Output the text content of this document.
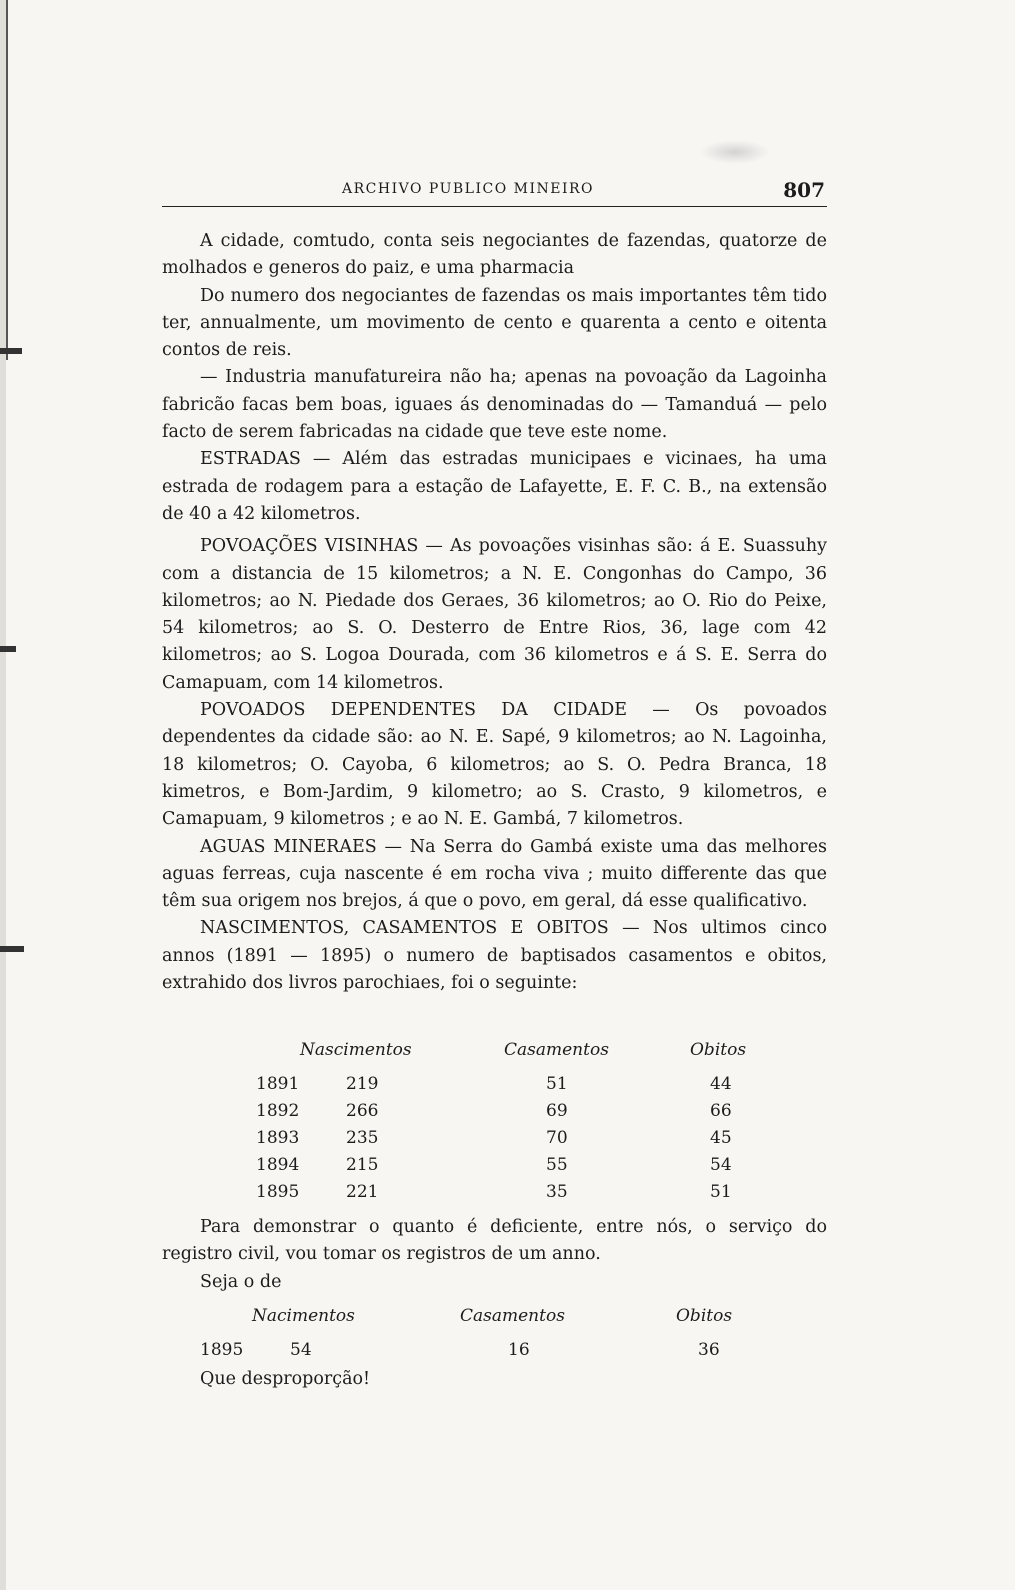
ARCHIVO PUBLICO MINEIRO	807

A cidade, comtudo, conta seis negociantes de fazendas, quatorze de molhados e generos do paiz, e uma pharmacia

Do numero dos negociantes de fazendas os mais importantes têm tido ter, annualmente, um movimento de cento e quarenta a cento e oitenta contos de reis.

— Industria manufatureira não ha; apenas na povoação da Lagoinha fabricão facas bem boas, iguaes ás denominadas do — Tamanduá — pelo facto de serem fabricadas na cidade que teve este nome.

ESTRADAS — Além das estradas municipaes e vicinaes, ha uma estrada de rodagem para a estação de Lafayette, E. F. C. B., na extensão de 40 a 42 kilometros.

POVOAÇÕES VISINHAS — As povoações visinhas são: á E. Suassuhy com a distancia de 15 kilometros; a N. E. Congonhas do Campo, 36 kilometros; ao N. Piedade dos Geraes, 36 kilometros; ao O. Rio do Peixe, 54 kilometros; ao S. O. Desterro de Entre Rios, 36, lage com 42 kilometros; ao S. Logoa Dourada, com 36 kilometros e á S. E. Serra do Camapuam, com 14 kilometros.

POVOADOS DEPENDENTES DA CIDADE — Os povoados dependentes da cidade são: ao N. E. Sapé, 9 kilometros; ao N. Lagoinha, 18 kilometros; O. Cayoba, 6 kilometros; ao S. O. Pedra Branca, 18 kimetros, e Bom-Jardim, 9 kilometro; ao S. Crasto, 9 kilometros, e Camapuam, 9 kilometros ; e ao N. E. Gambá, 7 kilometros.

AGUAS MINERAES — Na Serra do Gambá existe uma das melhores aguas ferreas, cuja nascente é em rocha viva ; muito differente das que têm sua origem nos brejos, á que o povo, em geral, dá esse qualificativo.

NASCIMENTOS, CASAMENTOS E OBITOS — Nos ultimos cinco annos (1891 — 1895) o numero de baptisados casamentos e obitos, extrahido dos livros parochiaes, foi o seguinte:

Nascimentos	Casamentos	Obitos
1891	219	51	44
1892	266	69	66
1893	235	70	45
1894	215	55	54
1895	221	35	51

Para demonstrar o quanto é deficiente, entre nós, o serviço do registro civil, vou tomar os registros de um anno.

Seja o de

Nacimentos	Casamentos	Obitos
1895	54	16	36

Que desproporção!
